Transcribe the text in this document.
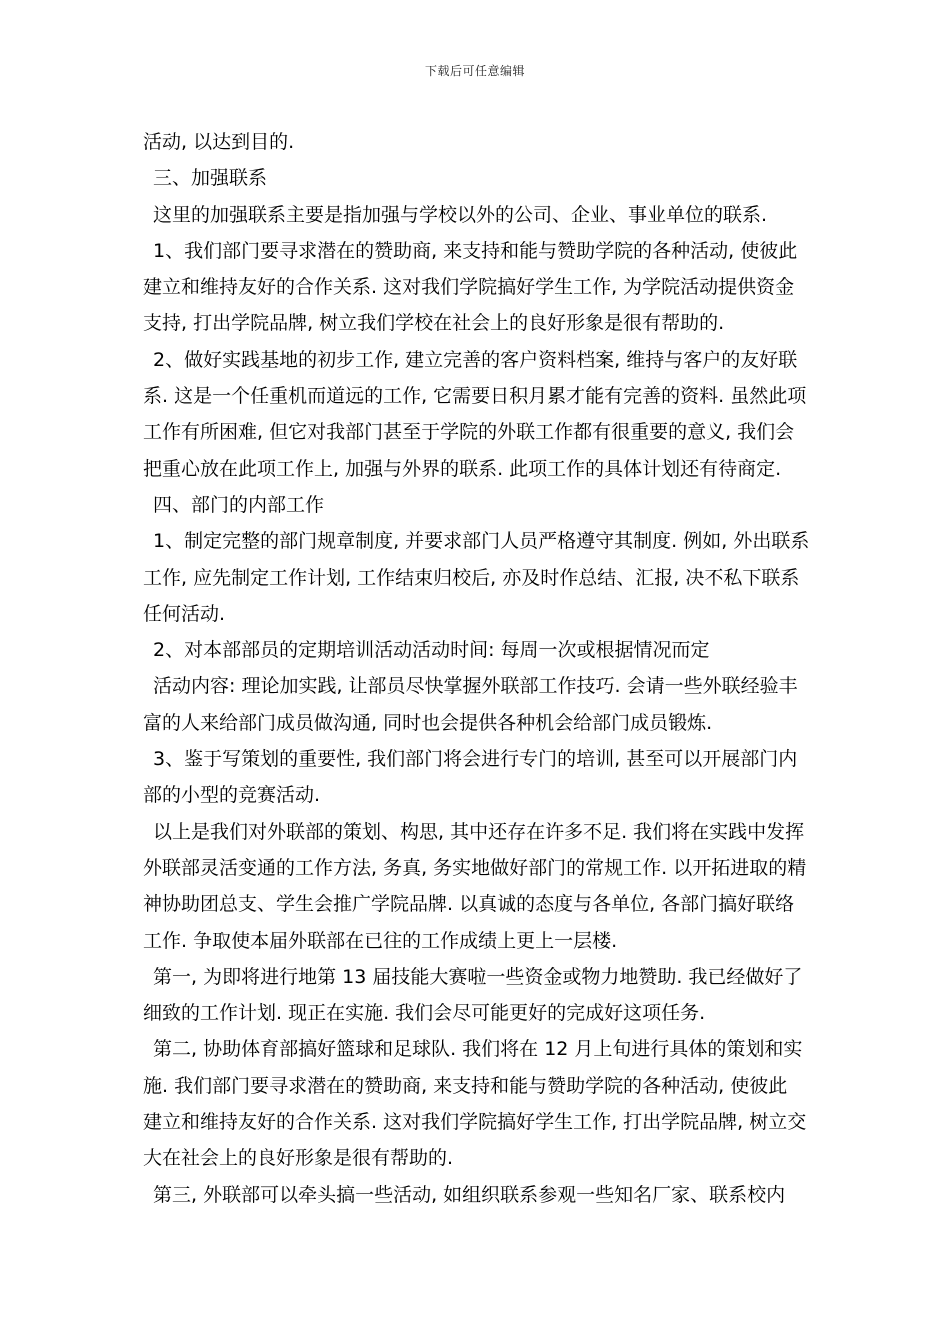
下载后可任意编辑
活动, 以达到目的.
三、加强联系
这里的加强联系主要是指加强与学校以外的公司、企业、事业单位的联系.
1、我们部门要寻求潜在的赞助商, 来支持和能与赞助学院的各种活动, 使彼此
建立和维持友好的合作关系. 这对我们学院搞好学生工作, 为学院活动提供资金
支持, 打出学院品牌, 树立我们学校在社会上的良好形象是很有帮助的.
2、做好实践基地的初步工作, 建立完善的客户资料档案, 维持与客户的友好联
系. 这是一个任重机而道远的工作, 它需要日积月累才能有完善的资料. 虽然此项
工作有所困难, 但它对我部门甚至于学院的外联工作都有很重要的意义, 我们会
把重心放在此项工作上, 加强与外界的联系. 此项工作的具体计划还有待商定.
四、部门的内部工作
1、制定完整的部门规章制度, 并要求部门人员严格遵守其制度. 例如, 外出联系
工作, 应先制定工作计划, 工作结束归校后, 亦及时作总结、汇报, 决不私下联系
任何活动.
2、对本部部员的定期培训活动活动时间: 每周一次或根据情况而定
活动内容: 理论加实践, 让部员尽快掌握外联部工作技巧. 会请一些外联经验丰
富的人来给部门成员做沟通, 同时也会提供各种机会给部门成员锻炼.
3、鉴于写策划的重要性, 我们部门将会进行专门的培训, 甚至可以开展部门内
部的小型的竞赛活动.
以上是我们对外联部的策划、构思, 其中还存在许多不足. 我们将在实践中发挥
外联部灵活变通的工作方法, 务真, 务实地做好部门的常规工作. 以开拓进取的精
神协助团总支、学生会推广学院品牌. 以真诚的态度与各单位, 各部门搞好联络
工作. 争取使本届外联部在已往的工作成绩上更上一层楼.
第一, 为即将进行地第 13 届技能大赛啦一些资金或物力地赞助. 我已经做好了
细致的工作计划. 现正在实施. 我们会尽可能更好的完成好这项任务.
第二, 协助体育部搞好篮球和足球队. 我们将在 12 月上旬进行具体的策划和实
施. 我们部门要寻求潜在的赞助商, 来支持和能与赞助学院的各种活动, 使彼此
建立和维持友好的合作关系. 这对我们学院搞好学生工作, 打出学院品牌, 树立交
大在社会上的良好形象是很有帮助的.
第三, 外联部可以牵头搞一些活动, 如组织联系参观一些知名厂家、联系校内
